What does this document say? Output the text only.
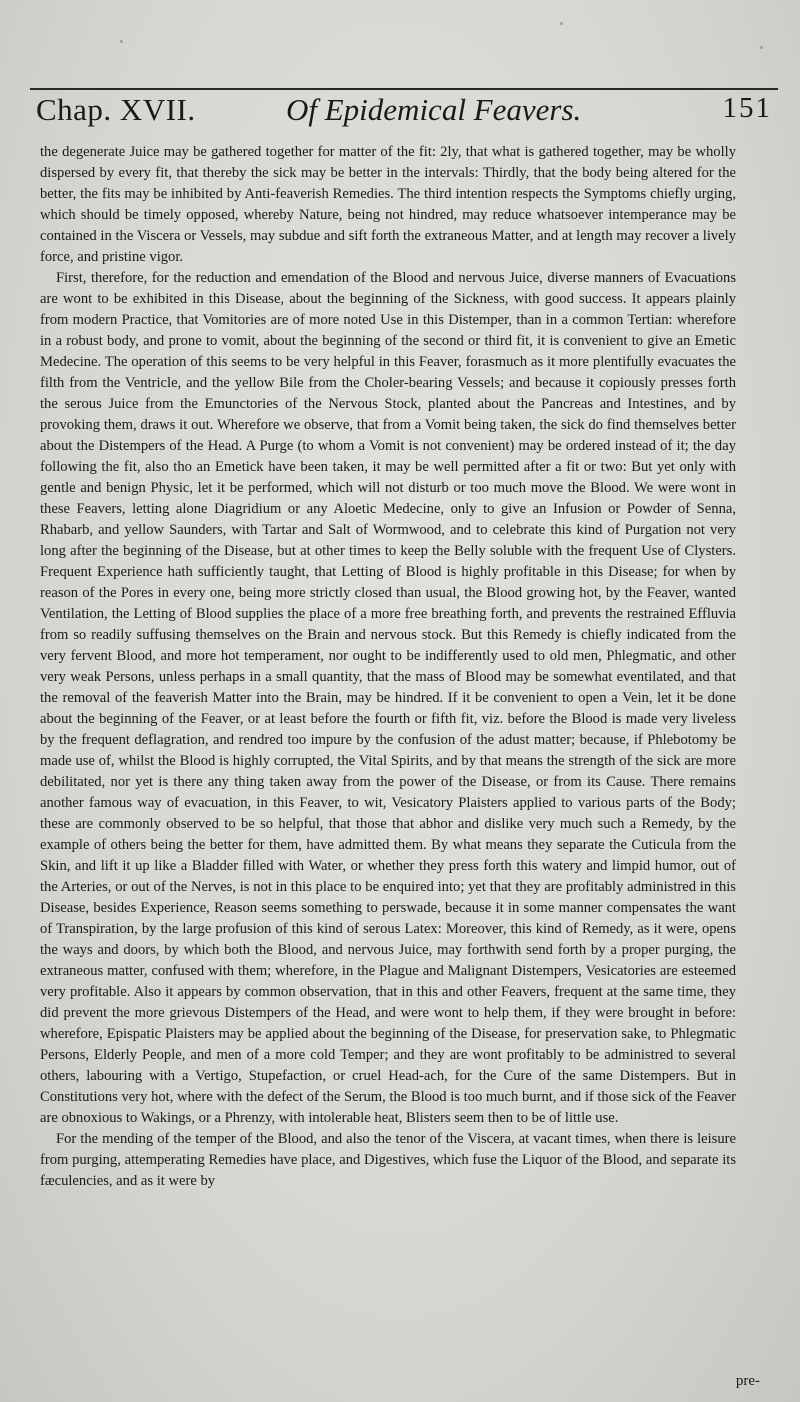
Chap. XVII.	Of Epidemical Feavers.	151

the degenerate Juice may be gathered together for matter of the fit: 2ly, that what is gathered together, may be wholly dispersed by every fit, that thereby the sick may be better in the intervals: Thirdly, that the body being altered for the better, the fits may be inhibited by Anti-feaverish Remedies. The third intention respects the Symptoms chiefly urging, which should be timely opposed, whereby Nature, being not hindred, may reduce whatsoever intemperance may be contained in the Viscera or Vessels, may subdue and sift forth the extraneous Matter, and at length may recover a lively force, and pristine vigor.

First, therefore, for the reduction and emendation of the Blood and nervous Juice, diverse manners of Evacuations are wont to be exhibited in this Disease, about the beginning of the Sickness, with good success. It appears plainly from modern Practice, that Vomitories are of more noted Use in this Distemper, than in a common Tertian: wherefore in a robust body, and prone to vomit, about the beginning of the second or third fit, it is convenient to give an Emetic Medecine. The operation of this seems to be very helpful in this Feaver, forasmuch as it more plentifully evacuates the filth from the Ventricle, and the yellow Bile from the Choler-bearing Vessels; and because it copiously presses forth the serous Juice from the Emunctories of the Nervous Stock, planted about the Pancreas and Intestines, and by provoking them, draws it out. Wherefore we observe, that from a Vomit being taken, the sick do find themselves better about the Distempers of the Head. A Purge (to whom a Vomit is not convenient) may be ordered instead of it; the day following the fit, also tho an Emetick have been taken, it may be well permitted after a fit or two: But yet only with gentle and benign Physic, let it be performed, which will not disturb or too much move the Blood. We were wont in these Feavers, letting alone Diagridium or any Aloetic Medecine, only to give an Infusion or Powder of Senna, Rhabarb, and yellow Saunders, with Tartar and Salt of Wormwood, and to celebrate this kind of Purgation not very long after the beginning of the Disease, but at other times to keep the Belly soluble with the frequent Use of Clysters. Frequent Experience hath sufficiently taught, that Letting of Blood is highly profitable in this Disease; for when by reason of the Pores in every one, being more strictly closed than usual, the Blood growing hot, by the Feaver, wanted Ventilation, the Letting of Blood supplies the place of a more free breathing forth, and prevents the restrained Effluvia from so readily suffusing themselves on the Brain and nervous stock. But this Remedy is chiefly indicated from the very fervent Blood, and more hot temperament, nor ought to be indifferently used to old men, Phlegmatic, and other very weak Persons, unless perhaps in a small quantity, that the mass of Blood may be somewhat eventilated, and that the removal of the feaverish Matter into the Brain, may be hindred. If it be convenient to open a Vein, let it be done about the beginning of the Feaver, or at least before the fourth or fifth fit, viz. before the Blood is made very liveless by the frequent deflagration, and rendred too impure by the confusion of the adust matter; because, if Phlebotomy be made use of, whilst the Blood is highly corrupted, the Vital Spirits, and by that means the strength of the sick are more debilitated, nor yet is there any thing taken away from the power of the Disease, or from its Cause. There remains another famous way of evacuation, in this Feaver, to wit, Vesicatory Plaisters applied to various parts of the Body; these are commonly observed to be so helpful, that those that abhor and dislike very much such a Remedy, by the example of others being the better for them, have admitted them. By what means they separate the Cuticula from the Skin, and lift it up like a Bladder filled with Water, or whether they press forth this watery and limpid humor, out of the Arteries, or out of the Nerves, is not in this place to be enquired into; yet that they are profitably administred in this Disease, besides Experience, Reason seems something to perswade, because it in some manner compensates the want of Transpiration, by the large profusion of this kind of serous Latex: Moreover, this kind of Remedy, as it were, opens the ways and doors, by which both the Blood, and nervous Juice, may forthwith send forth by a proper purging, the extraneous matter, confused with them; wherefore, in the Plague and Malignant Distempers, Vesicatories are esteemed very profitable. Also it appears by common observation, that in this and other Feavers, frequent at the same time, they did prevent the more grievous Distempers of the Head, and were wont to help them, if they were brought in before: wherefore, Epispatic Plaisters may be applied about the beginning of the Disease, for preservation sake, to Phlegmatic Persons, Elderly People, and men of a more cold Temper; and they are wont profitably to be administred to several others, labouring with a Vertigo, Stupefaction, or cruel Head-ach, for the Cure of the same Distempers. But in Constitutions very hot, where with the defect of the Serum, the Blood is too much burnt, and if those sick of the Feaver are obnoxious to Wakings, or a Phrenzy, with intolerable heat, Blisters seem then to be of little use.

For the mending of the temper of the Blood, and also the tenor of the Viscera, at vacant times, when there is leisure from purging, attemperating Remedies have place, and Digestives, which fuse the Liquor of the Blood, and separate its fæculencies, and as it were by

pre-
